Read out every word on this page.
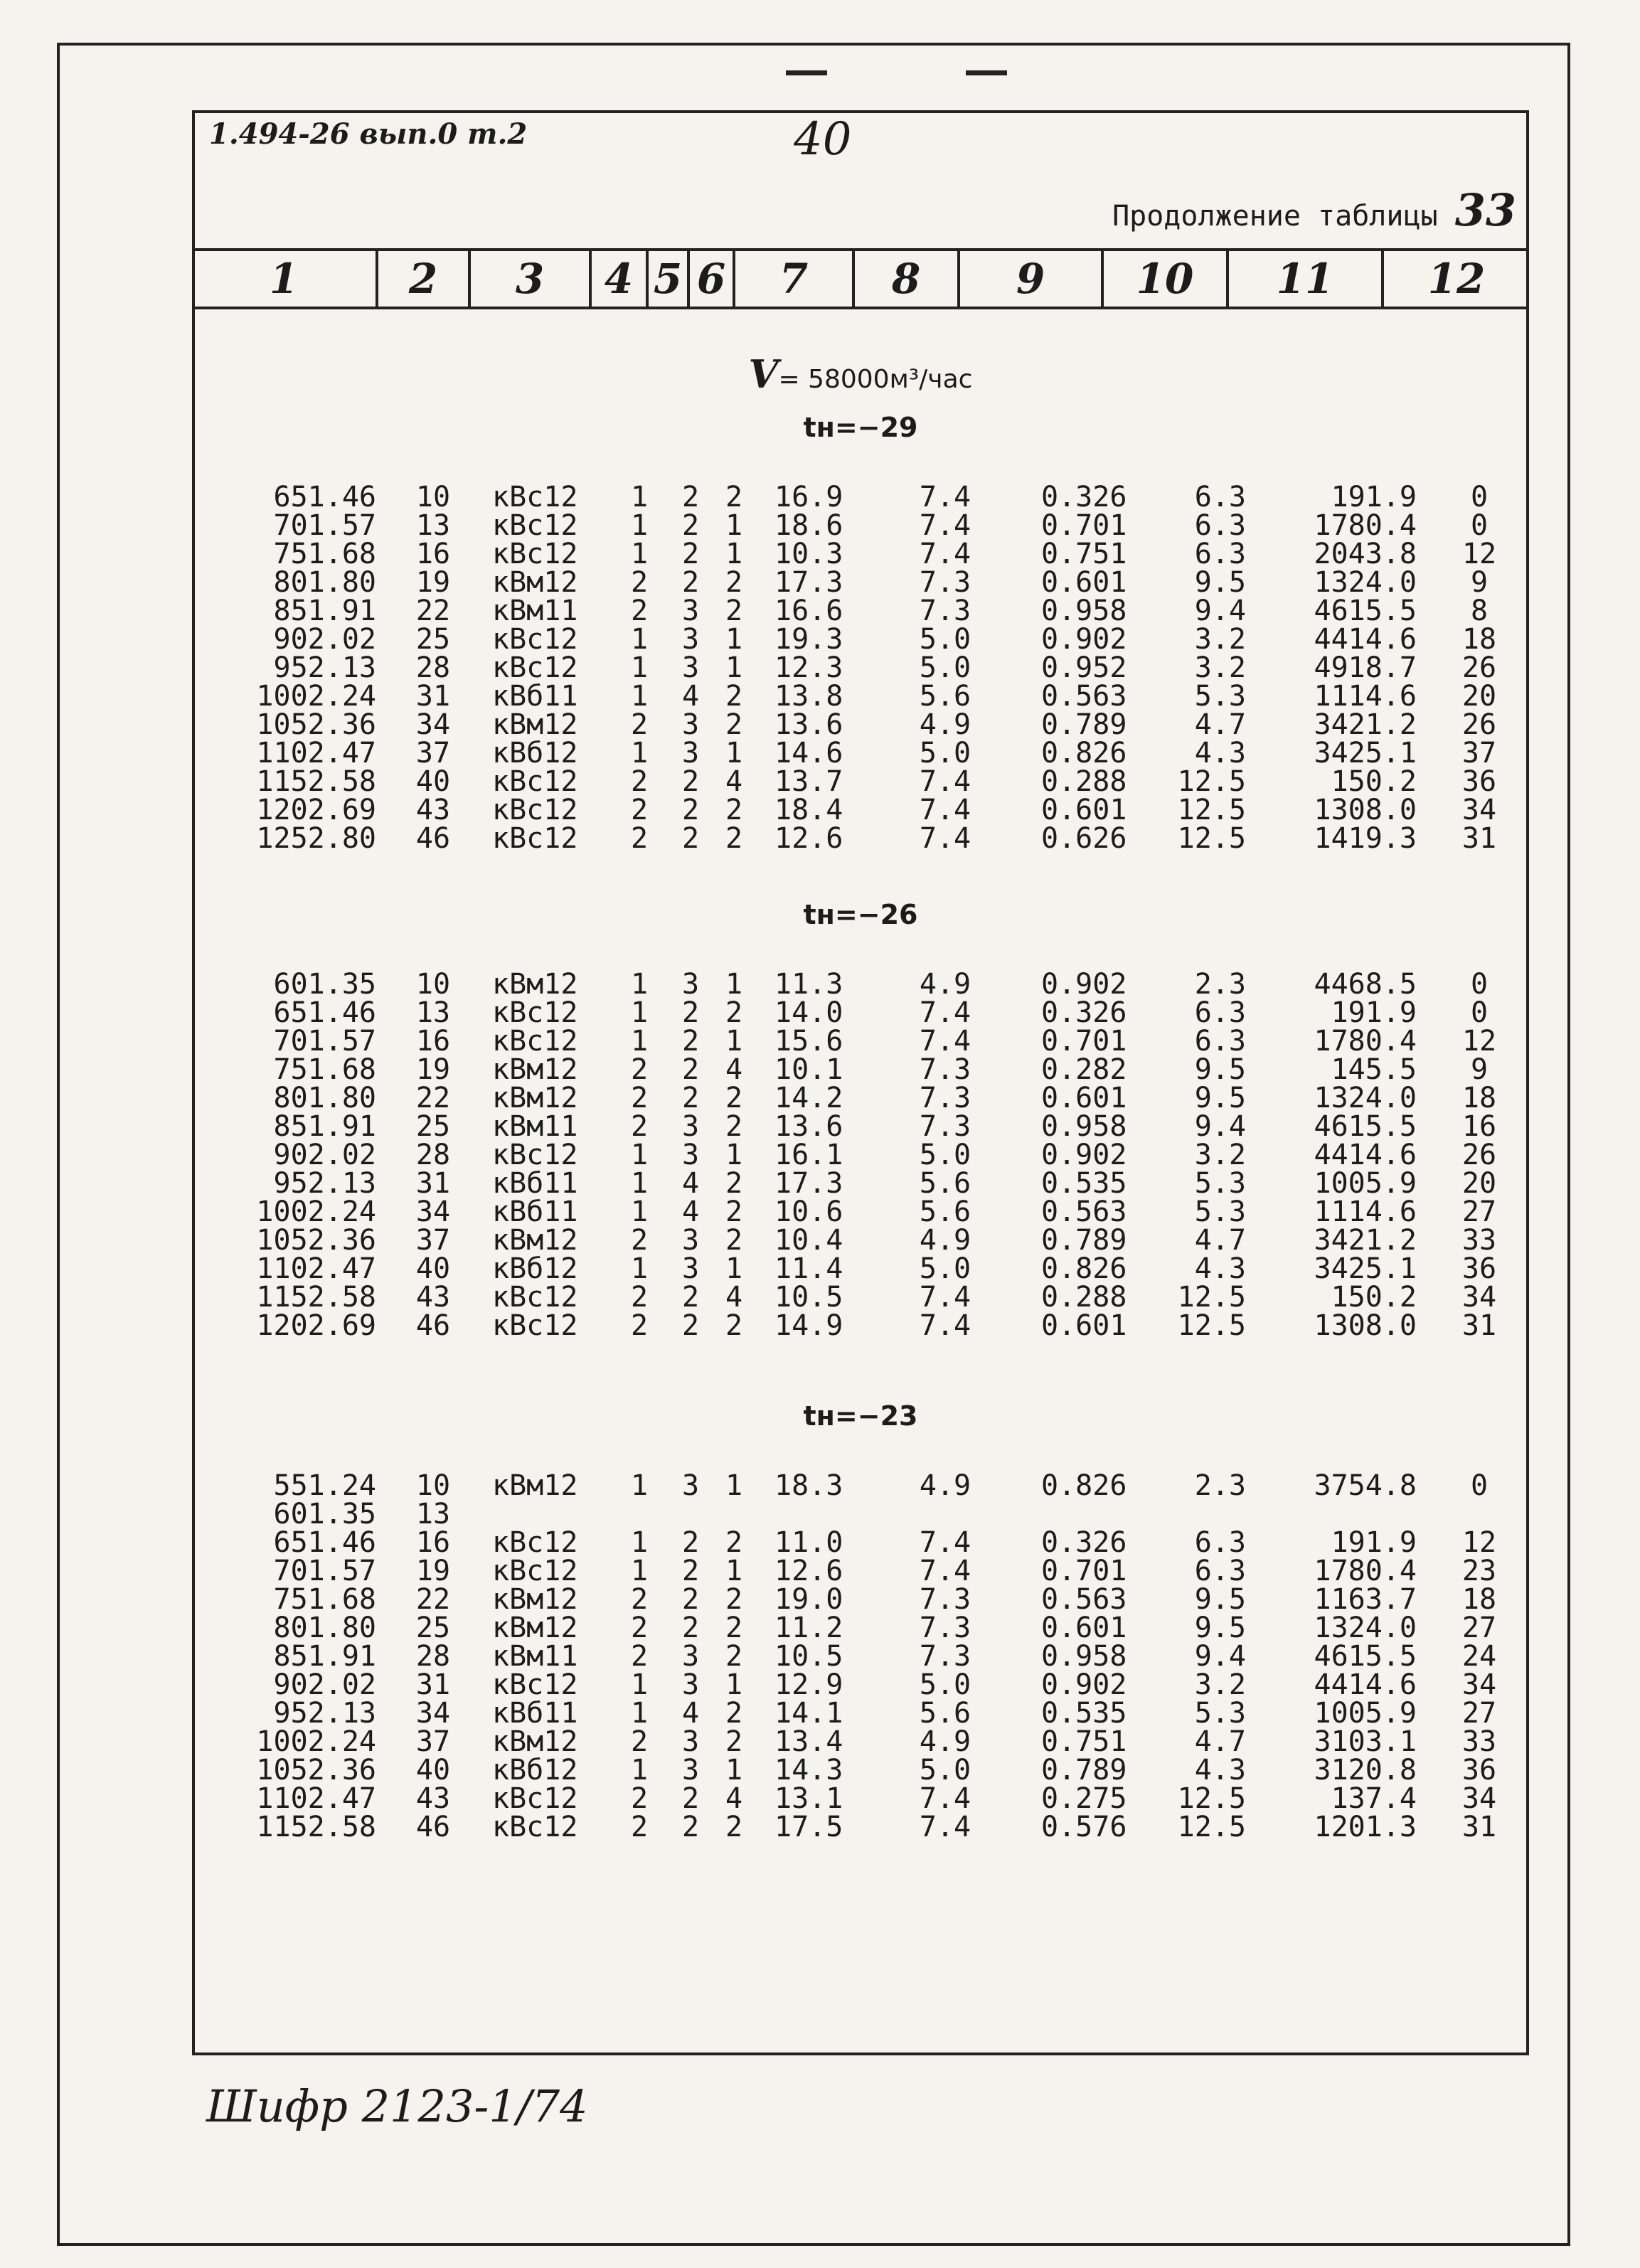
1.494-26 вып.0 т.2	40
Продолжение таблицы 33
1	2	3	4 5 6	7	8	9	10	11	12
V= 58000м³/час
tн=−29
651.46	10	кВс12	1	2 2	16.9	7.4	0.326	6.3	191.9	0
701.57	13	кВс12	1	2 1	18.6	7.4	0.701	6.3	1780.4	0
751.68	16	кВс12	1	2 1	10.3	7.4	0.751	6.3	2043.8	12
801.80	19	кВм12	2	2 2	17.3	7.3	0.601	9.5	1324.0	9
851.91	22	кВм11	2	3 2	16.6	7.3	0.958	9.4	4615.5	8
902.02	25	кВс12	1	3 1	19.3	5.0	0.902	3.2	4414.6	18
952.13	28	кВс12	1	3 1	12.3	5.0	0.952	3.2	4918.7	26
1002.24	31	кВб11	1	4 2	13.8	5.6	0.563	5.3	1114.6	20
1052.36	34	кВм12	2	3 2	13.6	4.9	0.789	4.7	3421.2	26
1102.47	37	кВб12	1	3 1	14.6	5.0	0.826	4.3	3425.1	37
1152.58	40	кВс12	2	2 4	13.7	7.4	0.288	12.5	150.2	36
1202.69	43	кВс12	2	2 2	18.4	7.4	0.601	12.5	1308.0	34
1252.80	46	кВс12	2	2 2	12.6	7.4	0.626	12.5	1419.3	31
tн=−26
601.35	10	кВм12	1	3 1	11.3	4.9	0.902	2.3	4468.5	0
651.46	13	кВс12	1	2 2	14.0	7.4	0.326	6.3	191.9	0
701.57	16	кВс12	1	2 1	15.6	7.4	0.701	6.3	1780.4	12
751.68	19	кВм12	2	2 4	10.1	7.3	0.282	9.5	145.5	9
801.80	22	кВм12	2	2 2	14.2	7.3	0.601	9.5	1324.0	18
851.91	25	кВм11	2	3 2	13.6	7.3	0.958	9.4	4615.5	16
902.02	28	кВс12	1	3 1	16.1	5.0	0.902	3.2	4414.6	26
952.13	31	кВб11	1	4 2	17.3	5.6	0.535	5.3	1005.9	20
1002.24	34	кВб11	1	4 2	10.6	5.6	0.563	5.3	1114.6	27
1052.36	37	кВм12	2	3 2	10.4	4.9	0.789	4.7	3421.2	33
1102.47	40	кВб12	1	3 1	11.4	5.0	0.826	4.3	3425.1	36
1152.58	43	кВс12	2	2 4	10.5	7.4	0.288	12.5	150.2	34
1202.69	46	кВс12	2	2 2	14.9	7.4	0.601	12.5	1308.0	31
tн=−23
551.24	10	кВм12	1	3 1	18.3	4.9	0.826	2.3	3754.8	0
601.35	13
651.46	16	кВс12	1	2 2	11.0	7.4	0.326	6.3	191.9	12
701.57	19	кВс12	1	2 1	12.6	7.4	0.701	6.3	1780.4	23
751.68	22	кВм12	2	2 2	19.0	7.3	0.563	9.5	1163.7	18
801.80	25	кВм12	2	2 2	11.2	7.3	0.601	9.5	1324.0	27
851.91	28	кВм11	2	3 2	10.5	7.3	0.958	9.4	4615.5	24
902.02	31	кВс12	1	3 1	12.9	5.0	0.902	3.2	4414.6	34
952.13	34	кВб11	1	4 2	14.1	5.6	0.535	5.3	1005.9	27
1002.24	37	кВм12	2	3 2	13.4	4.9	0.751	4.7	3103.1	33
1052.36	40	кВб12	1	3 1	14.3	5.0	0.789	4.3	3120.8	36
1102.47	43	кВс12	2	2 4	13.1	7.4	0.275	12.5	137.4	34
1152.58	46	кВс12	2	2 2	17.5	7.4	0.576	12.5	1201.3	31
Шифр 2123-1/74
